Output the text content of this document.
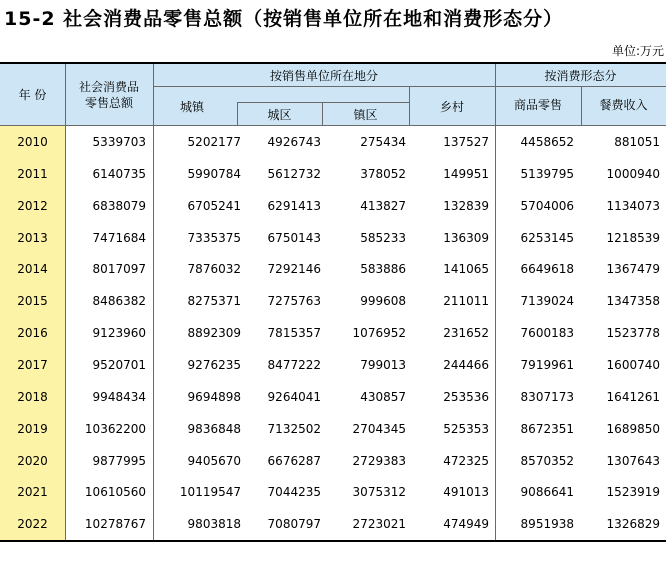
15-2 社会消费品零售总额（按销售单位所在地和消费形态分）
单位:万元
年 份
社会消费品
零售总额
按销售单位所在地分
城镇
城区	镇区
乡村
按消费形态分
商品零售	餐费收入
2010	5339703	5202177 4926743	275434	137527	4458652	881051
2011	6140735	5990784 5612732	378052	149951	5139795	1000940
2012	6838079	6705241 6291413	413827	132839	5704006	1134073
2013	7471684	7335375 6750143	585233	136309	6253145	1218539
2014	8017097	7876032 7292146	583886	141065	6649618	1367479
2015	8486382	8275371 7275763	999608	211011	7139024	1347358
2016	9123960	8892309 7815357	1076952	231652	7600183	1523778
2017	9520701	9276235 8477222	799013	244466	7919961	1600740
2018	9948434	9694898 9264041	430857	253536	8307173	1641261
2019	10362200	9836848 7132502	2704345	525353	8672351	1689850
2020	9877995	9405670 6676287	2729383	472325	8570352	1307643
2021	10610560	10119547 7044235	3075312	491013	9086641	1523919
2022	10278767	9803818 7080797	2723021	474949	8951938	1326829
